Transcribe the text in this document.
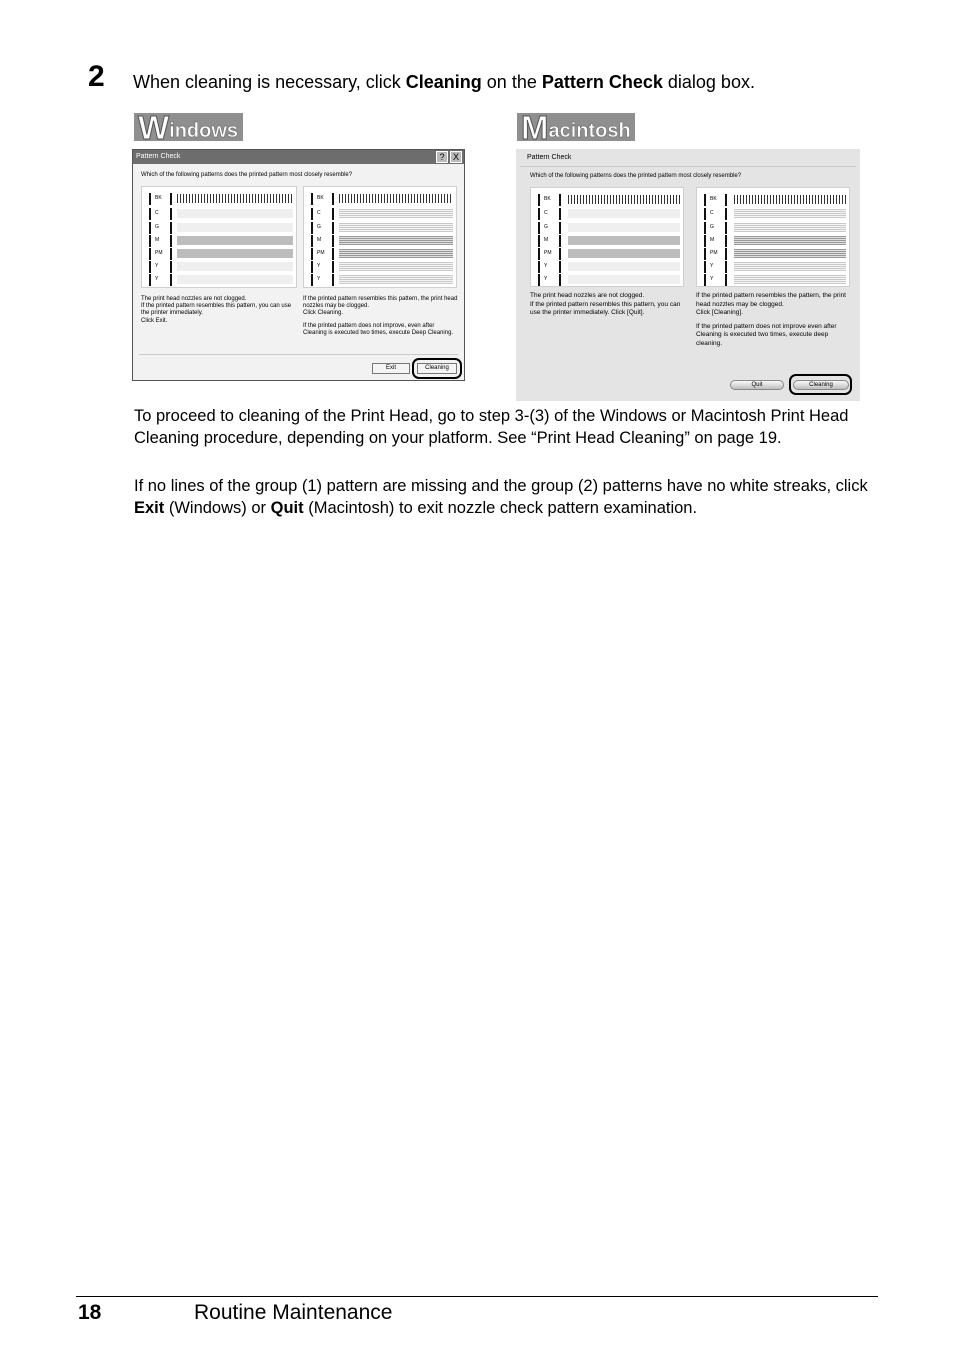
2 When cleaning is necessary, click Cleaning on the Pattern Check dialog box.
Windows	Macintosh
Pattern Check	? X
Which of the following patterns does the printed pattern most closely resemble?
BK
C
G
M
PM
Y
Y
BK
C
G
M
PM
Y
Y

The print head nozzles are not clogged.

If the printed pattern resembles this pattern, you can use the printer immediately.

Click Exit.

If the printed pattern resembles this pattern, the print head nozzles may be clogged.

Click Cleaning.

If the printed pattern does not improve, even after Cleaning is executed two times, execute Deep Cleaning.

Exit	Cleaning
Pattern Check
Which of the following patterns does the printed pattern most closely resemble?
BK
C
G
M
PM
Y
Y
BK
C
G
M
PM
Y
Y

The print head nozzles are not clogged.

If the printed pattern resembles this pattern, you can use the printer immediately. Click [Quit].

If the printed pattern resembles the pattern, the print head nozzles may be clogged.

Click [Cleaning].

If the printed pattern does not improve even after Cleaning is executed two times, execute deep cleaning.

Quit	Cleaning

To proceed to cleaning of the Print Head, go to step 3-(3) of the Windows or Macintosh Print Head Cleaning procedure, depending on your platform. See “Print Head Cleaning” on page 19.

If no lines of the group (1) pattern are missing and the group (2) patterns have no white streaks, click Exit (Windows) or Quit (Macintosh) to exit nozzle check pattern examination.

18	Routine Maintenance
